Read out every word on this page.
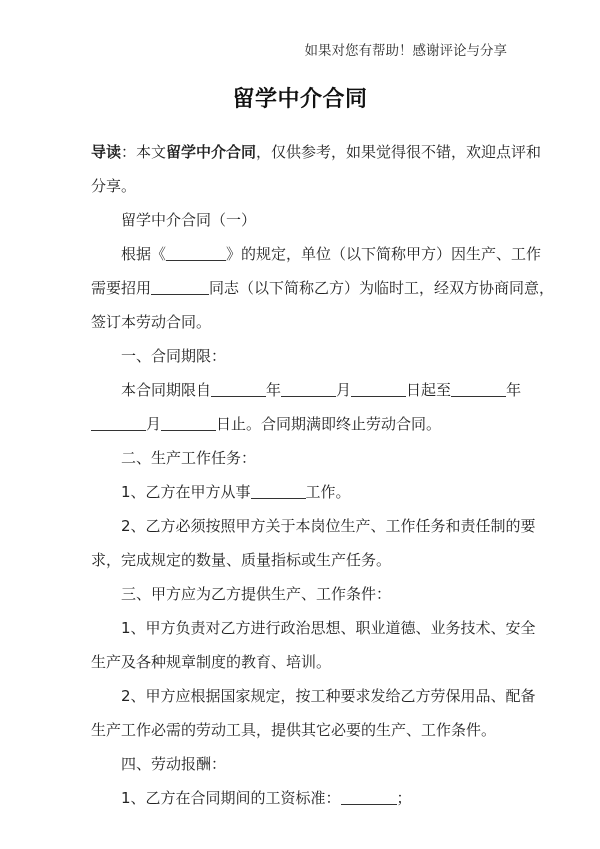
如果对您有帮助！感谢评论与分享
留学中介合同

导读：本文留学中介合同，仅供参考，如果觉得很不错，欢迎点评和

分享。

留学中介合同（一）

根据《	》的规定，单位（以下简称甲方）因生产、工作

需要招用	同志（以下简称乙方）为临时工，经双方协商同意，

签订本劳动合同。

一、合同期限：

本合同期限自	年	月	日起至	年

月	日止。合同期满即终止劳动合同。

二、生产工作任务：

1、乙方在甲方从事	工作。

2、乙方必须按照甲方关于本岗位生产、工作任务和责任制的要

求，完成规定的数量、质量指标或生产任务。

三、甲方应为乙方提供生产、工作条件：

1、甲方负责对乙方进行政治思想、职业道德、业务技术、安全

生产及各种规章制度的教育、培训。

2、甲方应根据国家规定，按工种要求发给乙方劳保用品、配备

生产工作必需的劳动工具，提供其它必要的生产、工作条件。

四、劳动报酬：

1、乙方在合同期间的工资标准：	；
